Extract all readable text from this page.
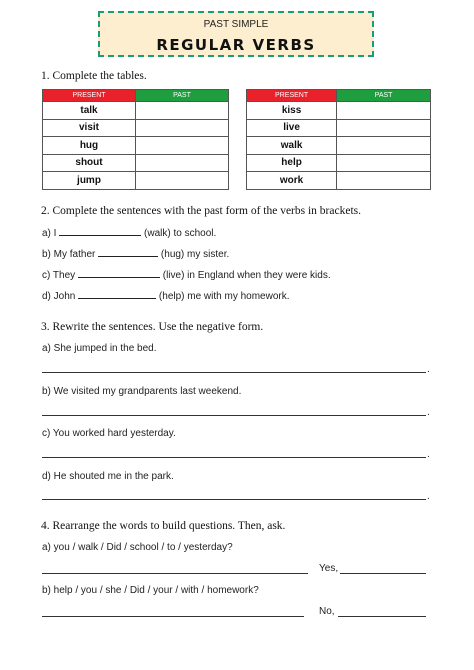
PAST SIMPLE
REGULAR VERBS
1. Complete the tables.
PRESENT	PAST
talk	
visit	
hug	
shout	
jump	
PRESENT	PAST
kiss	
live	
walk	
help	
work	
2. Complete the sentences with the past form of the verbs in brackets.
a) I	(walk) to school.
b) My father	(hug) my sister.
c) They	(live) in England when they were kids.
d) John	(help) me with my homework.
3. Rewrite the sentences. Use the negative form.
a) She jumped in the bed.
.
b) We visited my grandparents last weekend.
.
c) You worked hard yesterday.
.
d) He shouted me in the park.
.
4. Rearrange the words to build questions. Then, ask.
a) you / walk / Did / school / to / yesterday?
Yes,
b) help / you / she / Did / your / with / homework?
No,
